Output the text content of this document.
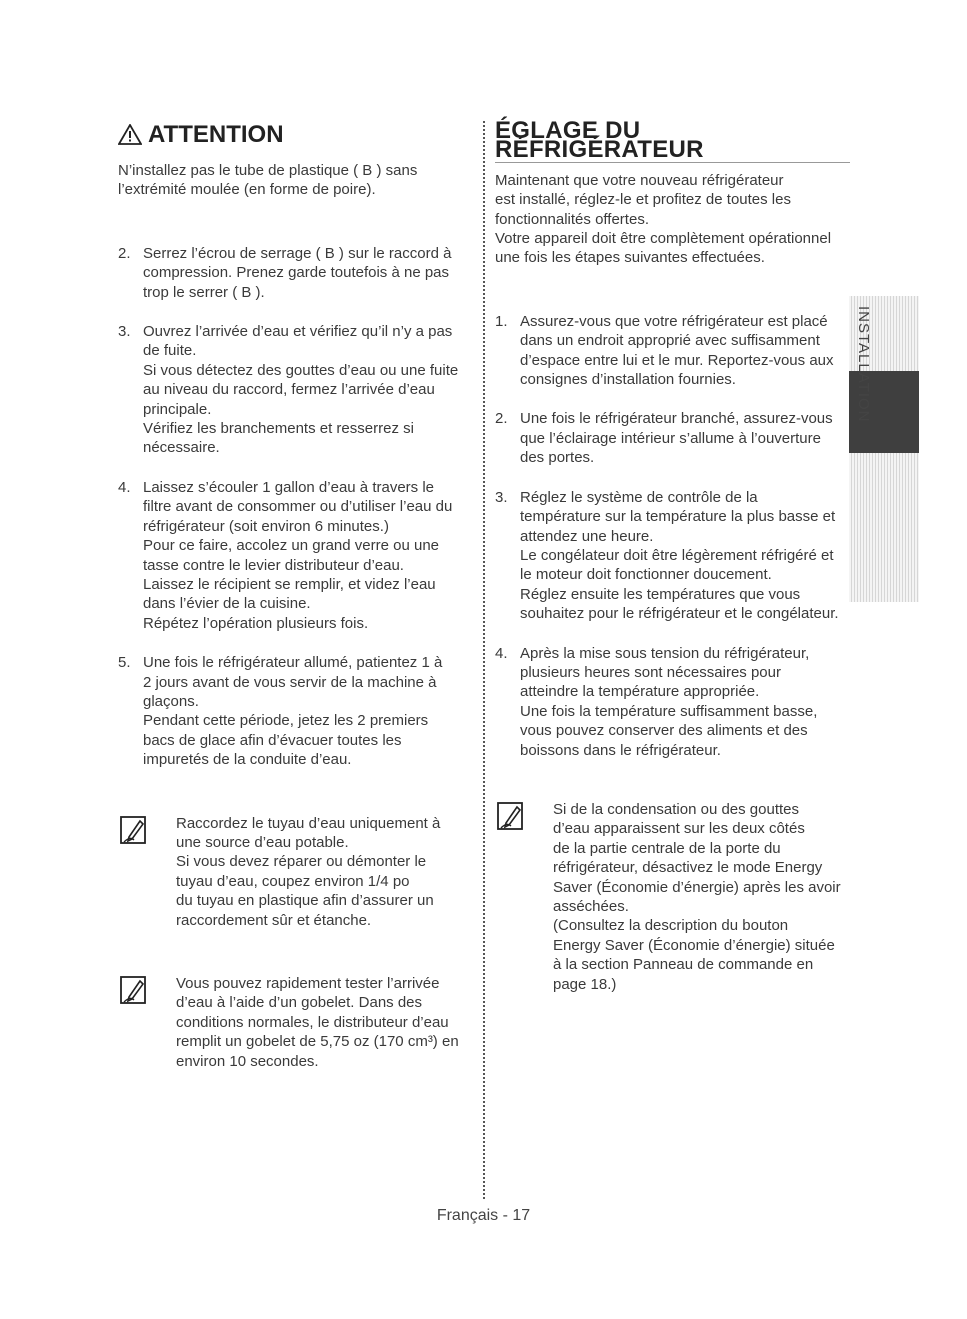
ATTENTION
N’installez pas le tube de plastique ( B ) sans
l’extrémité moulée (en forme de poire).
2. Serrez l’écrou de serrage ( B ) sur le raccord à
compression. Prenez garde toutefois à ne pas
trop le serrer ( B ).
3. Ouvrez l’arrivée d’eau et vérifiez qu’il n’y a pas
de fuite.
Si vous détectez des gouttes d’eau ou une fuite
au niveau du raccord, fermez l’arrivée d’eau
principale.
Vérifiez les branchements et resserrez si
nécessaire.
4. Laissez s’écouler 1 gallon d’eau à travers le
filtre avant de consommer ou d’utiliser l’eau du
réfrigérateur (soit environ 6 minutes.)
Pour ce faire, accolez un grand verre ou une
tasse contre le levier distributeur d’eau.
Laissez le récipient se remplir, et videz l’eau
dans l’évier de la cuisine.
Répétez l’opération plusieurs fois.
5. Une fois le réfrigérateur allumé, patientez 1 à
2 jours avant de vous servir de la machine à
glaçons.
Pendant cette période, jetez les 2 premiers
bacs de glace afin d’évacuer toutes les
impuretés de la conduite d’eau.
Raccordez le tuyau d’eau uniquement à
une source d’eau potable.
Si vous devez réparer ou démonter le
tuyau d’eau, coupez environ 1/4 po
du tuyau en plastique afin d’assurer un
raccordement sûr et étanche.
Vous pouvez rapidement tester l’arrivée
d’eau à l’aide d’un gobelet. Dans des
conditions normales, le distributeur d’eau
remplit un gobelet de 5,75 oz (170 cm³) en
environ 10 secondes.
ÉGLAGE DU RÉFRIGÉRATEUR
Maintenant que votre nouveau réfrigérateur
est installé, réglez-le et profitez de toutes les
fonctionnalités offertes.
Votre appareil doit être complètement opérationnel
une fois les étapes suivantes effectuées.
1. Assurez-vous que votre réfrigérateur est placé
dans un endroit approprié avec suffisamment
d’espace entre lui et le mur. Reportez-vous aux
consignes d’installation fournies.
2. Une fois le réfrigérateur branché, assurez-vous
que l’éclairage intérieur s’allume à l’ouverture
des portes.
3. Réglez le système de contrôle de la
température sur la température la plus basse et
attendez une heure.
Le congélateur doit être légèrement réfrigéré et
le moteur doit fonctionner doucement.
Réglez ensuite les températures que vous
souhaitez pour le réfrigérateur et le congélateur.
4. Après la mise sous tension du réfrigérateur,
plusieurs heures sont nécessaires pour
atteindre la température appropriée.
Une fois la température suffisamment basse,
vous pouvez conserver des aliments et des
boissons dans le réfrigérateur.
Si de la condensation ou des gouttes
d’eau apparaissent sur les deux côtés
de la partie centrale de la porte du
réfrigérateur, désactivez le mode Energy
Saver (Économie d’énergie) après les avoir
asséchées.
(Consultez la description du bouton
Energy Saver (Économie d’énergie) située
à la section Panneau de commande en
page 18.)
INSTALLATION
Français - 17
